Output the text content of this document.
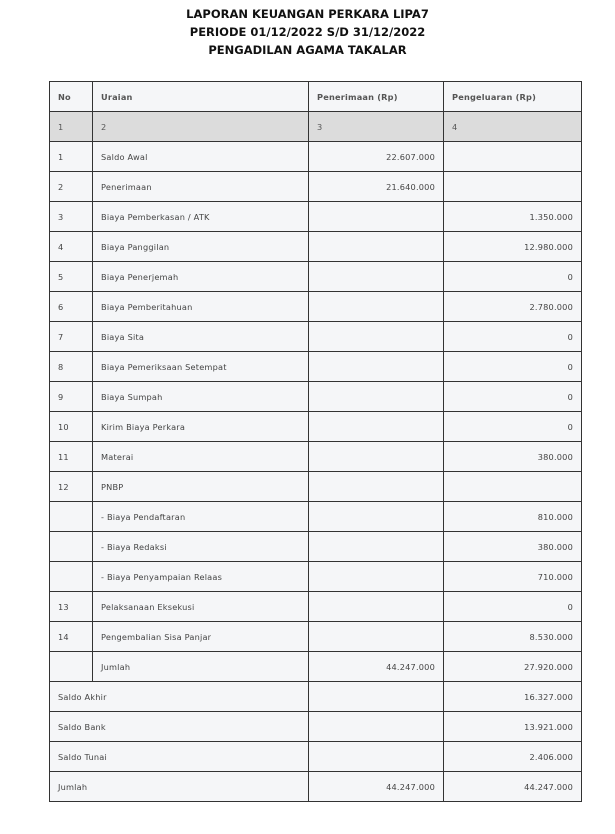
LAPORAN KEUANGAN PERKARA LIPA7
PERIODE 01/12/2022 S/D 31/12/2022
PENGADILAN AGAMA TAKALAR
No	Uraian	Penerimaan (Rp)	Pengeluaran (Rp)
1	2	3	4
1	Saldo Awal	22.607.000	
2	Penerimaan	21.640.000	
3	Biaya Pemberkasan / ATK		1.350.000
4	Biaya Panggilan		12.980.000
5	Biaya Penerjemah		0
6	Biaya Pemberitahuan		2.780.000
7	Biaya Sita		0
8	Biaya Pemeriksaan Setempat		0
9	Biaya Sumpah		0
10	Kirim Biaya Perkara		0
11	Materai		380.000
12	PNBP		
	- Biaya Pendaftaran		810.000
	- Biaya Redaksi		380.000
	- Biaya Penyampaian Relaas		710.000
13	Pelaksanaan Eksekusi		0
14	Pengembalian Sisa Panjar		8.530.000
	Jumlah	44.247.000	27.920.000
Saldo Akhir			16.327.000
Saldo Bank			13.921.000
Saldo Tunai			2.406.000
Jumlah		44.247.000	44.247.000
